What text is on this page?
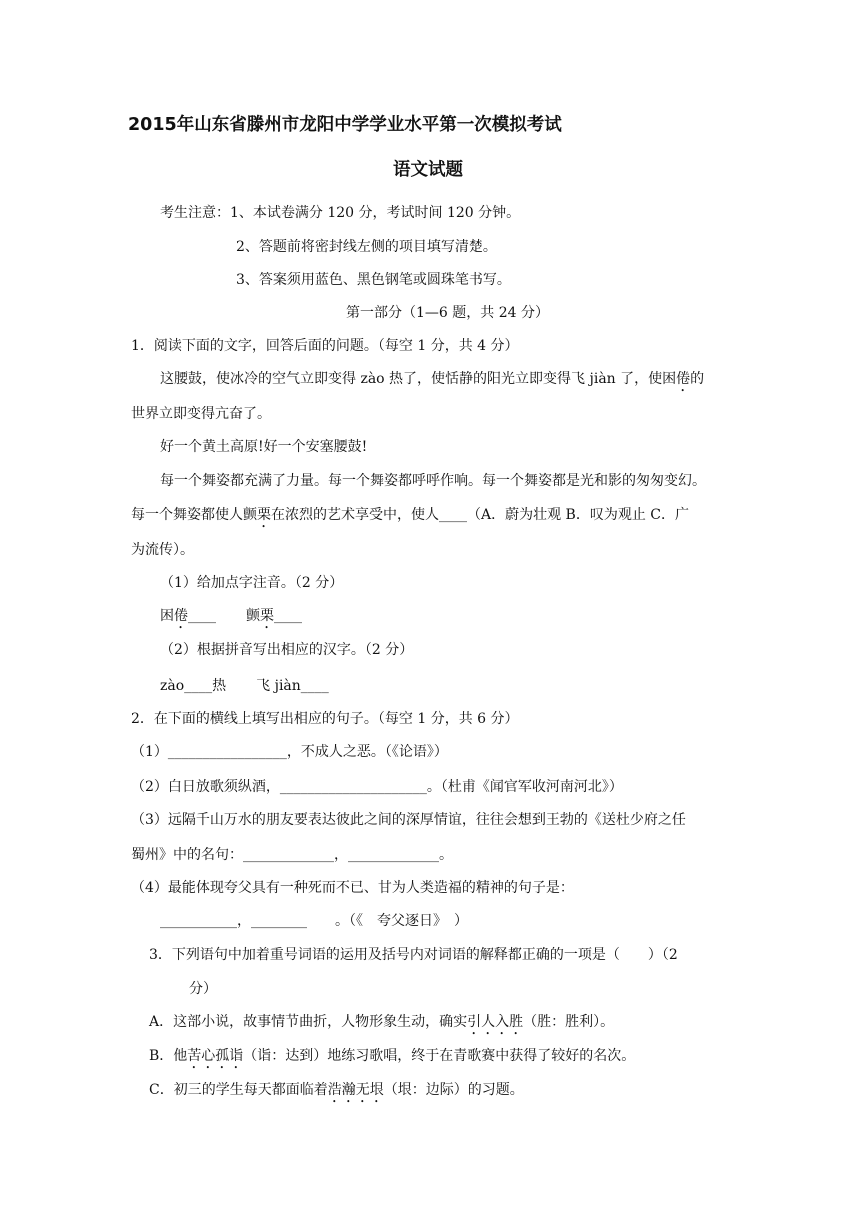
2015年山东省滕州市龙阳中学学业水平第一次模拟考试
语文试题
考生注意：1、本试卷满分 120 分，考试时间 120 分钟。
2、答题前将密封线左侧的项目填写清楚。
3、答案须用蓝色、黑色钢笔或圆珠笔书写。
第一部分（1—6 题，共 24 分）
1．阅读下面的文字，回答后面的问题。（每空 1 分，共 4 分）
这腰鼓，使冰冷的空气立即变得 zào 热了，使恬静的阳光立即变得飞 jiàn 了，使困倦的
世界立即变得亢奋了。
好一个黄土高原!好一个安塞腰鼓!
每一个舞姿都充满了力量。每一个舞姿都呼呼作响。每一个舞姿都是光和影的匆匆变幻。
每一个舞姿都使人颤栗在浓烈的艺术享受中，使人____（A．蔚为壮观 B．叹为观止 C．广
为流传）。
（1）给加点字注音。（2 分）
困倦____ 颤栗____
（2）根据拼音写出相应的汉字。（2 分）
zào____热 飞 jiàn____
2．在下面的横线上填写出相应的句子。（每空 1 分，共 6 分）
（1）_________________，不成人之恶。（《论语》）
（2）白日放歌须纵酒，_____________________。（杜甫《闻官军收河南河北》）
（3）远隔千山万水的朋友要表达彼此之间的深厚情谊，往往会想到王勃的《送杜少府之任
蜀州》中的名句：_____________，_____________。
（4）最能体现夸父具有一种死而不已、甘为人类造福的精神的句子是：
___________，________　　。（《　夸父逐日》　）
3．下列语句中加着重号词语的运用及括号内对词语的解释都正确的一项是（　　）（2
分）
A．这部小说，故事情节曲折，人物形象生动，确实引人入胜（胜：胜利）。
B．他苦心孤诣（诣：达到）地练习歌唱，终于在青歌赛中获得了较好的名次。
C．初三的学生每天都面临着浩瀚无垠（垠：边际）的习题。
